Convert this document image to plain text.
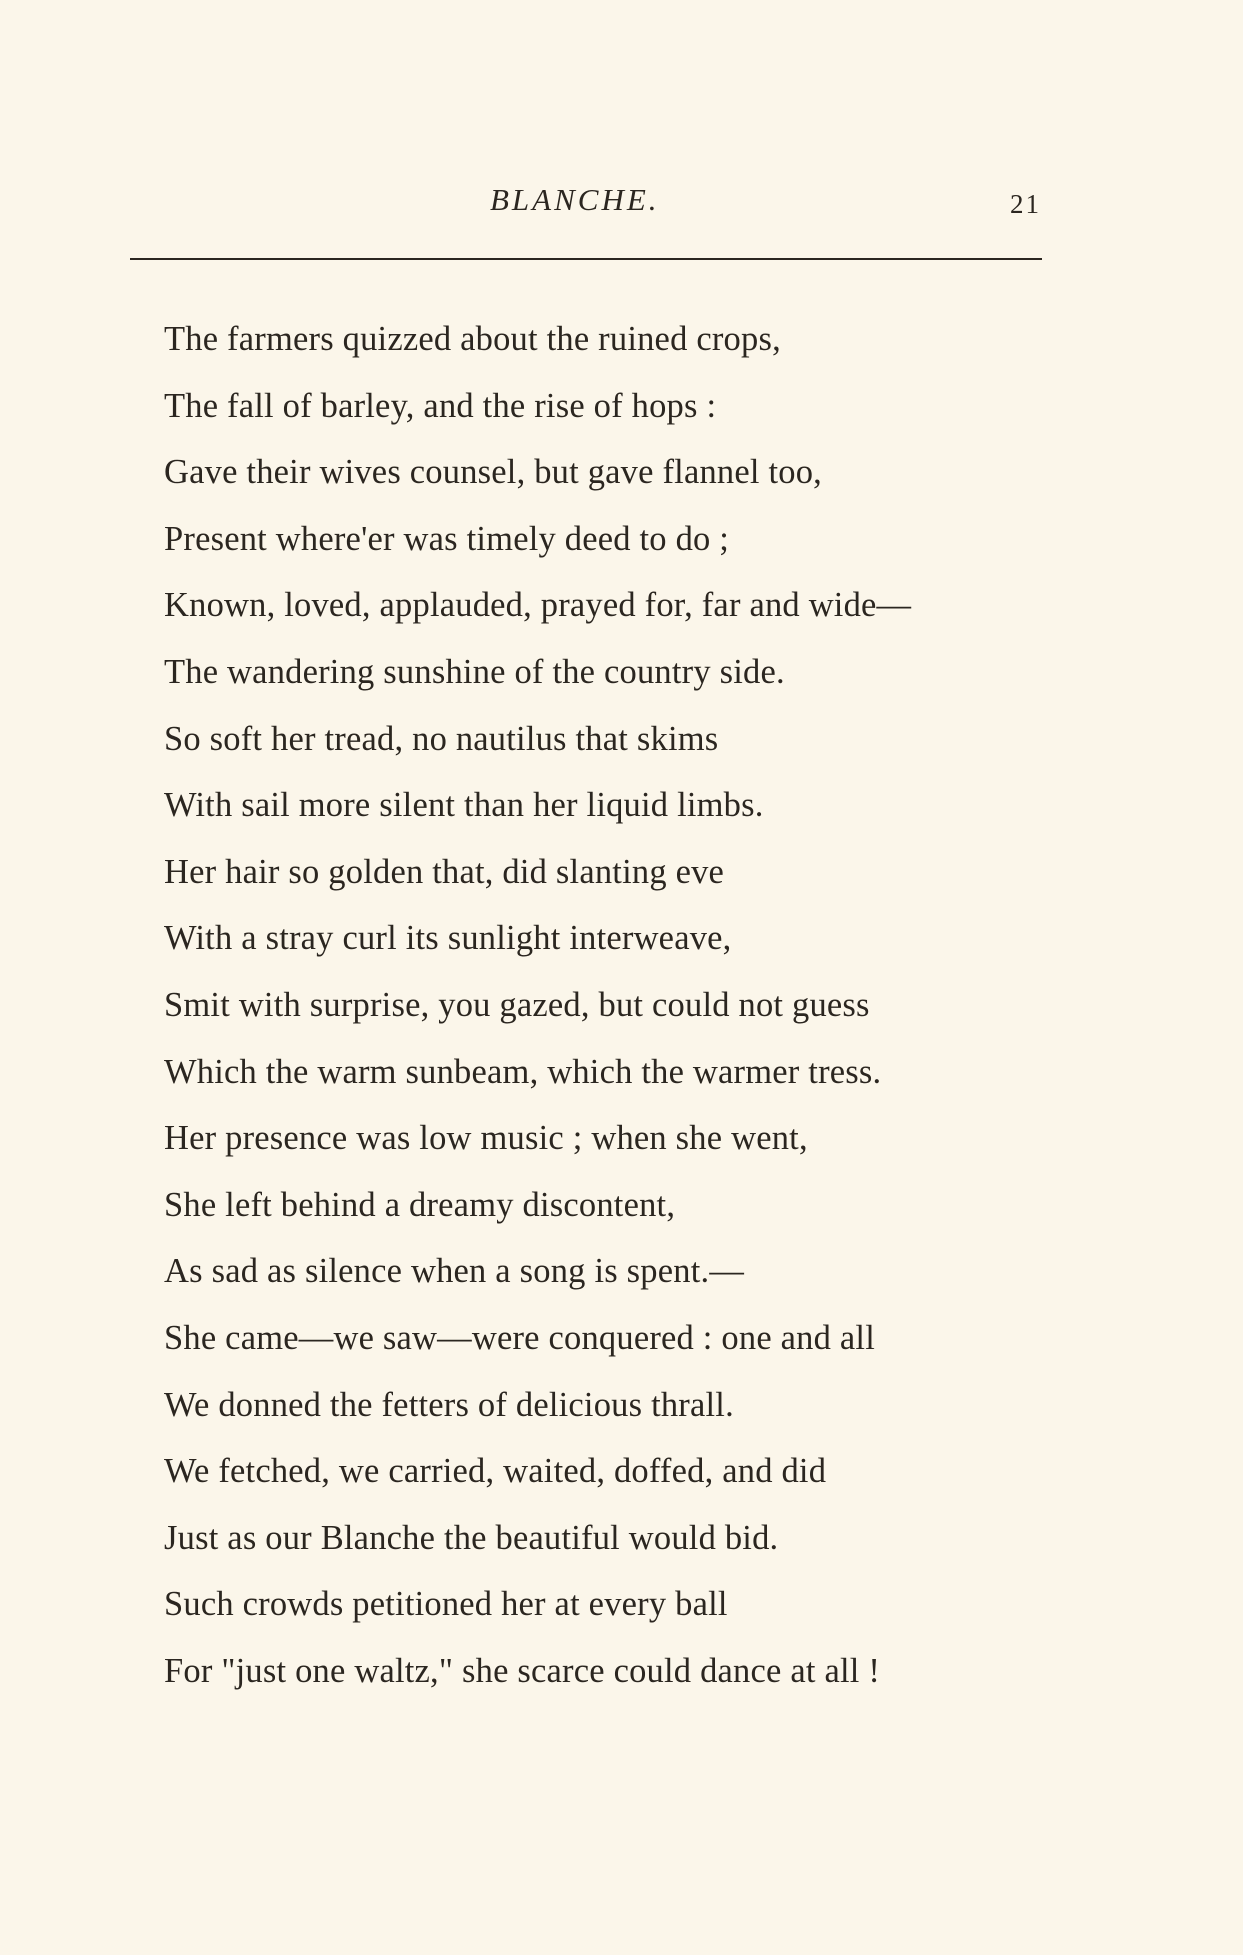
BLANCHE.	21
The farmers quizzed about the ruined crops,
The fall of barley, and the rise of hops :
Gave their wives counsel, but gave flannel too,
Present where'er was timely deed to do ;
Known, loved, applauded, prayed for, far and wide—
The wandering sunshine of the country side.
So soft her tread, no nautilus that skims
With sail more silent than her liquid limbs.
Her hair so golden that, did slanting eve
With a stray curl its sunlight interweave,
Smit with surprise, you gazed, but could not guess
Which the warm sunbeam, which the warmer tress.
Her presence was low music ; when she went,
She left behind a dreamy discontent,
As sad as silence when a song is spent.—
She came—we saw—were conquered : one and all
We donned the fetters of delicious thrall.
We fetched, we carried, waited, doffed, and did
Just as our Blanche the beautiful would bid.
Such crowds petitioned her at every ball
For "just one waltz," she scarce could dance at all !
